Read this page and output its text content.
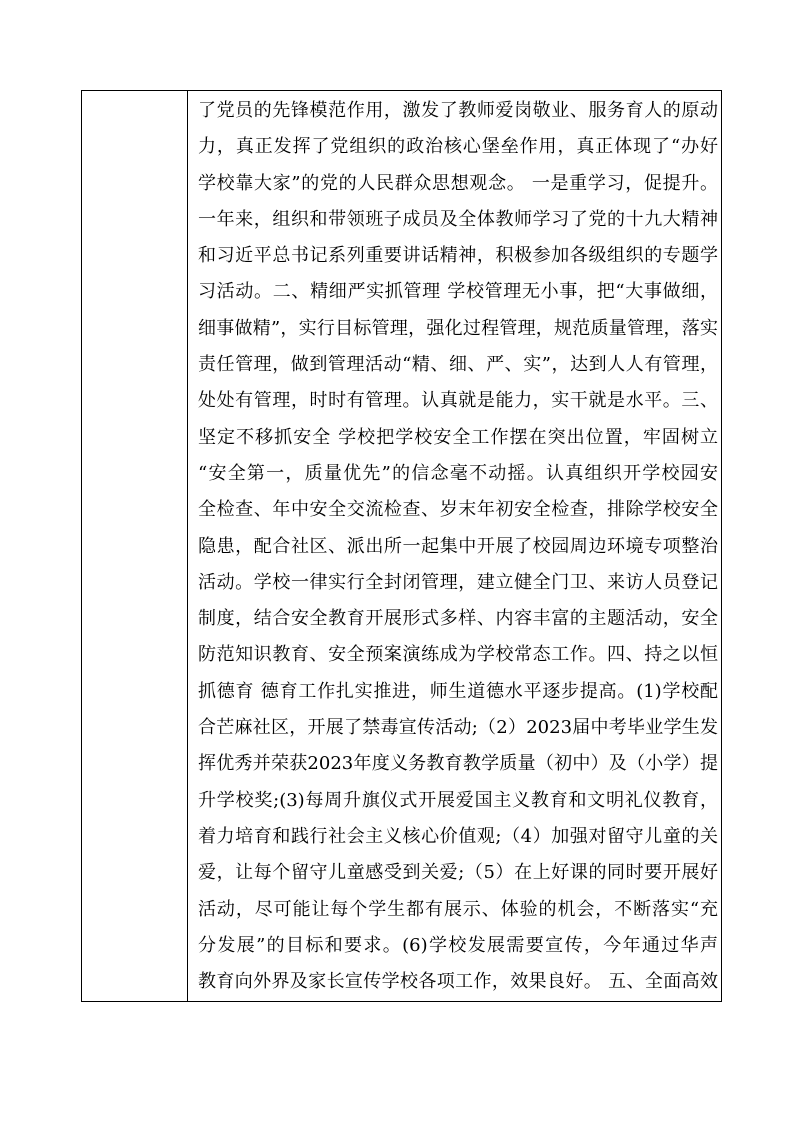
了党员的先锋模范作用，激发了教师爱岗敬业、服务育人的原动
力，真正发挥了党组织的政治核心堡垒作用，真正体现了“办好
学校靠大家”的党的人民群众思想观念。 一是重学习，促提升。
一年来，组织和带领班子成员及全体教师学习了党的十九大精神
和习近平总书记系列重要讲话精神，积极参加各级组织的专题学
习活动。二、精细严实抓管理 学校管理无小事，把“大事做细，
细事做精”，实行目标管理，强化过程管理，规范质量管理，落实
责任管理，做到管理活动“精、细、严、实”，达到人人有管理，
处处有管理，时时有管理。认真就是能力，实干就是水平。三、
坚定不移抓安全 学校把学校安全工作摆在突出位置，牢固树立
“安全第一，质量优先”的信念毫不动摇。认真组织开学校园安
全检查、年中安全交流检查、岁末年初安全检查，排除学校安全
隐患，配合社区、派出所一起集中开展了校园周边环境专项整治
活动。学校一律实行全封闭管理，建立健全门卫、来访人员登记
制度，结合安全教育开展形式多样、内容丰富的主题活动，安全
防范知识教育、安全预案演练成为学校常态工作。四、持之以恒
抓德育 德育工作扎实推进，师生道德水平逐步提高。(1)学校配
合芒麻社区，开展了禁毒宣传活动;（2）2023届中考毕业学生发
挥优秀并荣获2023年度义务教育教学质量（初中）及（小学）提
升学校奖;(3)每周升旗仪式开展爱国主义教育和文明礼仪教育，
着力培育和践行社会主义核心价值观;（4）加强对留守儿童的关
爱，让每个留守儿童感受到关爱;（5）在上好课的同时要开展好
活动，尽可能让每个学生都有展示、体验的机会，不断落实“充
分发展”的目标和要求。(6)学校发展需要宣传，今年通过华声
教育向外界及家长宣传学校各项工作，效果良好。 五、全面高效
